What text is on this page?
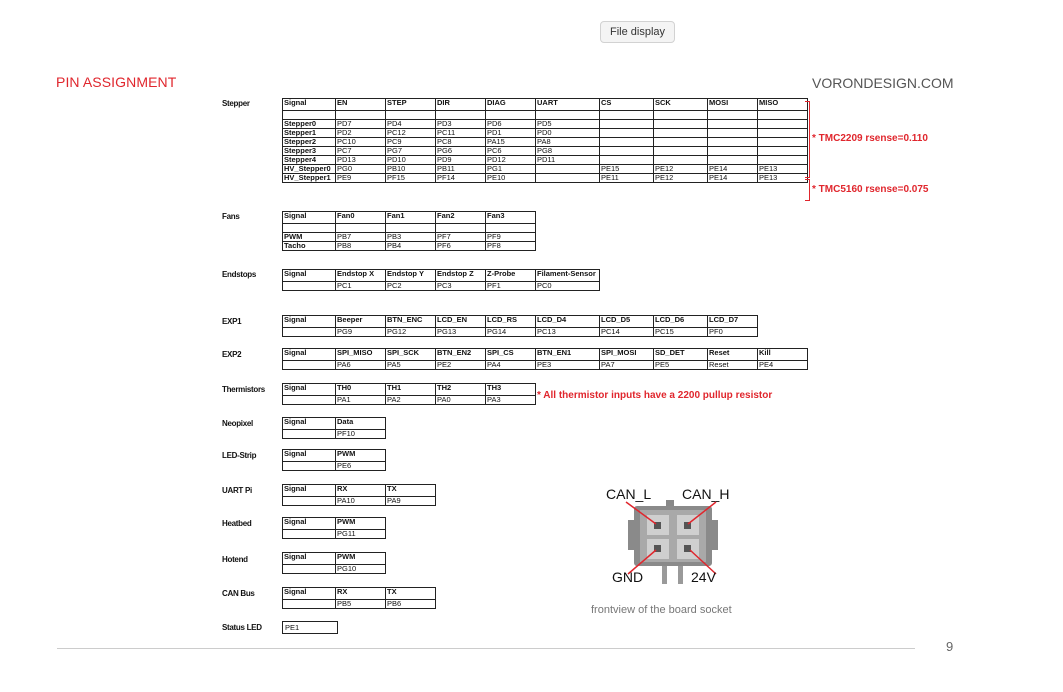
File display
PIN ASSIGNMENT	VORONDESIGN.COM
Stepper	Signal	EN	STEP	DIR	DIAG	UART	CS	SCK	MOSI	MISO

Stepper0	PD7	PD4	PD3	PD6	PD5				
Stepper1	PD2	PC12	PC11	PD1	PD0				
Stepper2	PC10	PC9	PC8	PA15	PA8				
Stepper3	PC7	PG7	PG6	PC6	PG8				
Stepper4	PD13	PD10	PD9	PD12	PD11				
HV_Stepper0	PG0	PB10	PB11	PG1		PE15	PE12	PE14	PE13
HV_Stepper1	PE9	PF15	PF14	PE10		PE11	PE12	PE14	PE13
* TMC2209 rsense=0.110
* TMC5160 rsense=0.075
Fans	Signal	Fan0	Fan1	Fan2	Fan3

PWM	PB7	PB3	PF7	PF9
Tacho	PB8	PB4	PF6	PF8
Endstops	Signal	Endstop X	Endstop Y	Endstop Z	Z-Probe	Filament-Sensor
	PC1	PC2	PC3	PF1	PC0
EXP1	Signal	Beeper	BTN_ENC	LCD_EN	LCD_RS	LCD_D4	LCD_D5	LCD_D6	LCD_D7
	PG9	PG12	PG13	PG14	PC13	PC14	PC15	PF0
EXP2	Signal	SPI_MISO	SPI_SCK	BTN_EN2	SPI_CS	BTN_EN1	SPI_MOSI	SD_DET	Reset	Kill
	PA6	PA5	PE2	PA4	PE3	PA7	PE5	Reset	PE4
Thermistors	Signal	TH0	TH1	TH2	TH3
	PA1	PA2	PA0	PA3	* All thermistor inputs have a 2200 pullup resistor
Neopixel	Signal	Data
	PF10
LED-Strip	Signal	PWM
	PE6
UART Pi	Signal	RX	TX
	PA10	PA9
Heatbed	Signal	PWM
	PG11
Hotend	Signal	PWM
	PG10
CAN Bus	Signal	RX	TX
	PB5	PB6
Status LED	PE1
CAN_L CAN_H
GND	24V
frontview of the board socket
9
